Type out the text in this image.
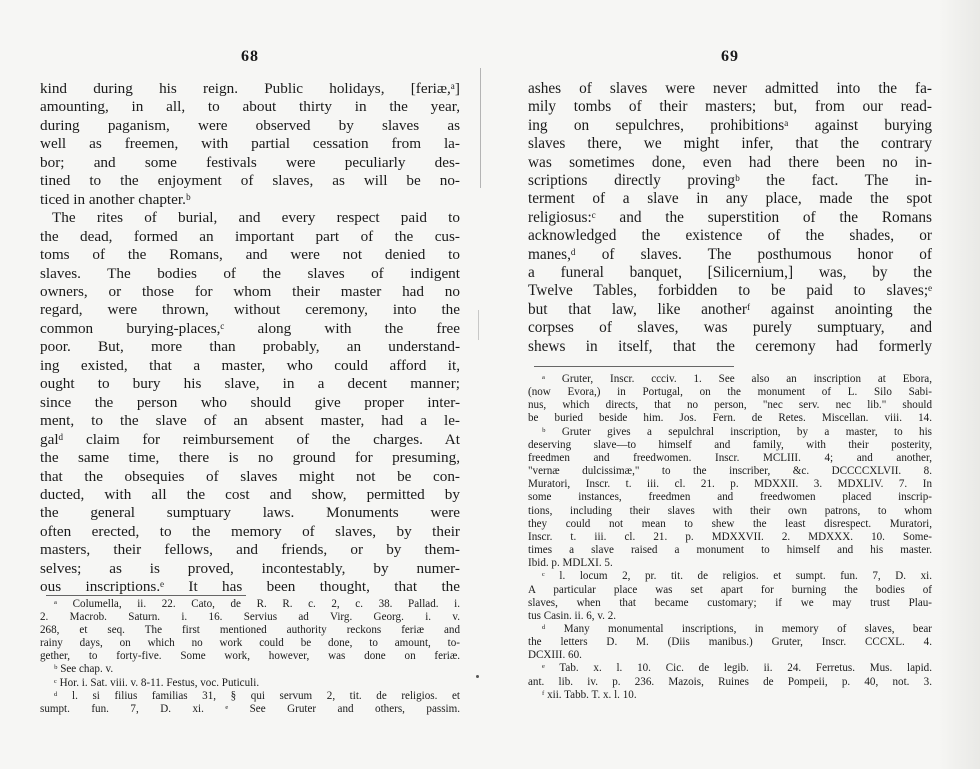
68
kind during his reign. Public holidays, [feriæ,ᵃ]
amounting, in all, to about thirty in the year,
during paganism, were observed by slaves as
well as freemen, with partial cessation from la-
bor; and some festivals were peculiarly des-
tined to the enjoyment of slaves, as will be no-
ticed in another chapter.ᵇ
The rites of burial, and every respect paid to
the dead, formed an important part of the cus-
toms of the Romans, and were not denied to
slaves. The bodies of the slaves of indigent
owners, or those for whom their master had no
regard, were thrown, without ceremony, into the
common burying-places,ᶜ along with the free
poor. But, more than probably, an understand-
ing existed, that a master, who could afford it,
ought to bury his slave, in a decent manner;
since the person who should give proper inter-
ment, to the slave of an absent master, had a le-
galᵈ claim for reimbursement of the charges. At
the same time, there is no ground for presuming,
that the obsequies of slaves might not be con-
ducted, with all the cost and show, permitted by
the general sumptuary laws. Monuments were
often erected, to the memory of slaves, by their
masters, their fellows, and friends, or by them-
selves; as is proved, incontestably, by numer-
ous inscriptions.ᵉ It has been thought, that the
ᵃ Columella, ii. 22. Cato, de R. R. c. 2, c. 38. Pallad. i.
2. Macrob. Saturn. i. 16. Servius ad Virg. Georg. i. v.
268, et seq. The first mentioned authority reckons feriæ and
rainy days, on which no work could be done, to amount, to-
gether, to forty-five. Some work, however, was done on feriæ.
ᵇ See chap. v.
ᶜ Hor. i. Sat. viii. v. 8-11. Festus, voc. Puticuli.
ᵈ l. si filius familias 31, § qui servum 2, tit. de religios. et
sumpt. fun. 7, D. xi. ᵉ See Gruter and others, passim.
69
ashes of slaves were never admitted into the fa-
mily tombs of their masters; but, from our read-
ing on sepulchres, prohibitionsᵃ against burying
slaves there, we might infer, that the contrary
was sometimes done, even had there been no in-
scriptions directly provingᵇ the fact. The in-
terment of a slave in any place, made the spot
religiosus:ᶜ and the superstition of the Romans
acknowledged the existence of the shades, or
manes,ᵈ of slaves. The posthumous honor of
a funeral banquet, [Silicernium,] was, by the
Twelve Tables, forbidden to be paid to slaves;ᵉ
but that law, like anotherᶠ against anointing the
corpses of slaves, was purely sumptuary, and
shews in itself, that the ceremony had formerly
ᵃ Gruter, Inscr. ccciv. 1. See also an inscription at Ebora,
(now Evora,) in Portugal, on the monument of L. Silo Sabi-
nus, which directs, that no person, "nec serv. nec lib." should
be buried beside him. Jos. Fern. de Retes. Miscellan. viii. 14.
ᵇ Gruter gives a sepulchral inscription, by a master, to his
deserving slave—to himself and family, with their posterity,
freedmen and freedwomen. Inscr. MCLIII. 4; and another,
"vernæ dulcissimæ," to the inscriber, &c. DCCCCXLVII. 8.
Muratori, Inscr. t. iii. cl. 21. p. MDXXII. 3. MDXLIV. 7. In
some instances, freedmen and freedwomen placed inscrip-
tions, including their slaves with their own patrons, to whom
they could not mean to shew the least disrespect. Muratori,
Inscr. t. iii. cl. 21. p. MDXXVII. 2. MDXXX. 10. Some-
times a slave raised a monument to himself and his master.
Ibid. p. MDLXI. 5.
ᶜ l. locum 2, pr. tit. de religios. et sumpt. fun. 7, D. xi.
A particular place was set apart for burning the bodies of
slaves, when that became customary; if we may trust Plau-
tus Casin. ii. 6, v. 2.
ᵈ Many monumental inscriptions, in memory of slaves, bear
the letters D. M. (Diis manibus.) Gruter, Inscr. CCCXL. 4.
DCXIII. 60.
ᵉ Tab. x. l. 10. Cic. de legib. ii. 24. Ferretus. Mus. lapid.
ant. lib. iv. p. 236. Mazois, Ruines de Pompeii, p. 40, not. 3.
ᶠ xii. Tabb. T. x. l. 10.
